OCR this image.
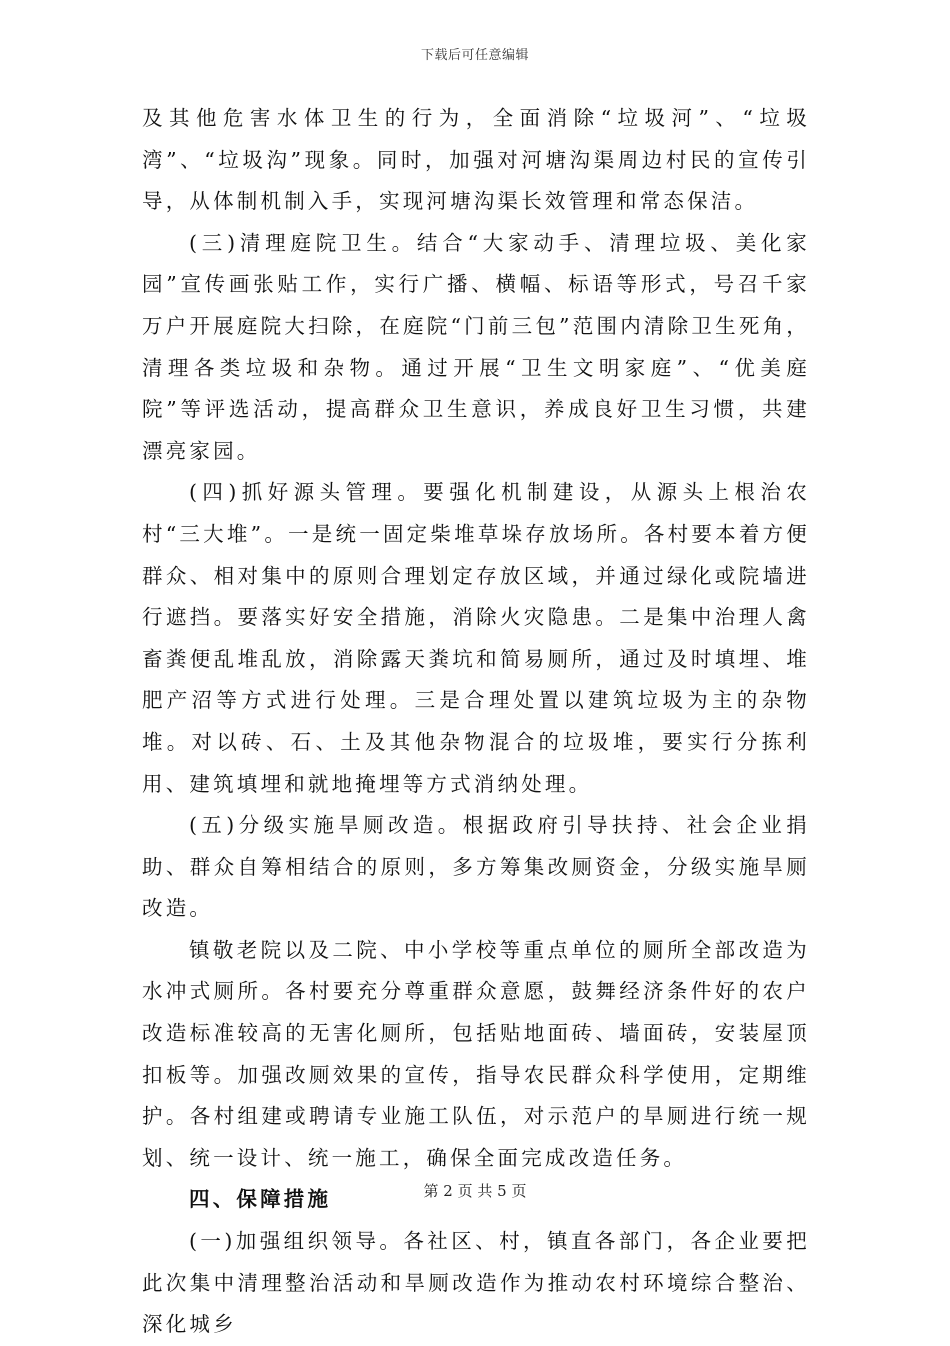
下载后可任意编辑

及其他危害水体卫生的行为，全面消除“垃圾河”、“垃圾湾”、“垃圾沟”现象。同时，加强对河塘沟渠周边村民的宣传引导，从体制机制入手，实现河塘沟渠长效管理和常态保洁。

(三)清理庭院卫生。结合“大家动手、清理垃圾、美化家园”宣传画张贴工作，实行广播、横幅、标语等形式，号召千家万户开展庭院大扫除，在庭院“门前三包”范围内清除卫生死角，清理各类垃圾和杂物。通过开展“卫生文明家庭”、“优美庭院”等评选活动，提高群众卫生意识，养成良好卫生习惯，共建漂亮家园。

(四)抓好源头管理。要强化机制建设，从源头上根治农村“三大堆”。一是统一固定柴堆草垛存放场所。各村要本着方便群众、相对集中的原则合理划定存放区域，并通过绿化或院墙进行遮挡。要落实好安全措施，消除火灾隐患。二是集中治理人禽畜粪便乱堆乱放，消除露天粪坑和简易厕所，通过及时填埋、堆肥产沼等方式进行处理。三是合理处置以建筑垃圾为主的杂物堆。对以砖、石、土及其他杂物混合的垃圾堆，要实行分拣利用、建筑填埋和就地掩埋等方式消纳处理。

(五)分级实施旱厕改造。根据政府引导扶持、社会企业捐助、群众自筹相结合的原则，多方筹集改厕资金，分级实施旱厕改造。

镇敬老院以及二院、中小学校等重点单位的厕所全部改造为水冲式厕所。各村要充分尊重群众意愿，鼓舞经济条件好的农户改造标准较高的无害化厕所，包括贴地面砖、墙面砖，安装屋顶扣板等。加强改厕效果的宣传，指导农民群众科学使用，定期维护。各村组建或聘请专业施工队伍，对示范户的旱厕进行统一规划、统一设计、统一施工，确保全面完成改造任务。

四、保障措施

(一)加强组织领导。各社区、村，镇直各部门，各企业要把此次集中清理整治活动和旱厕改造作为推动农村环境综合整治、深化城乡

第 2 页 共 5 页
